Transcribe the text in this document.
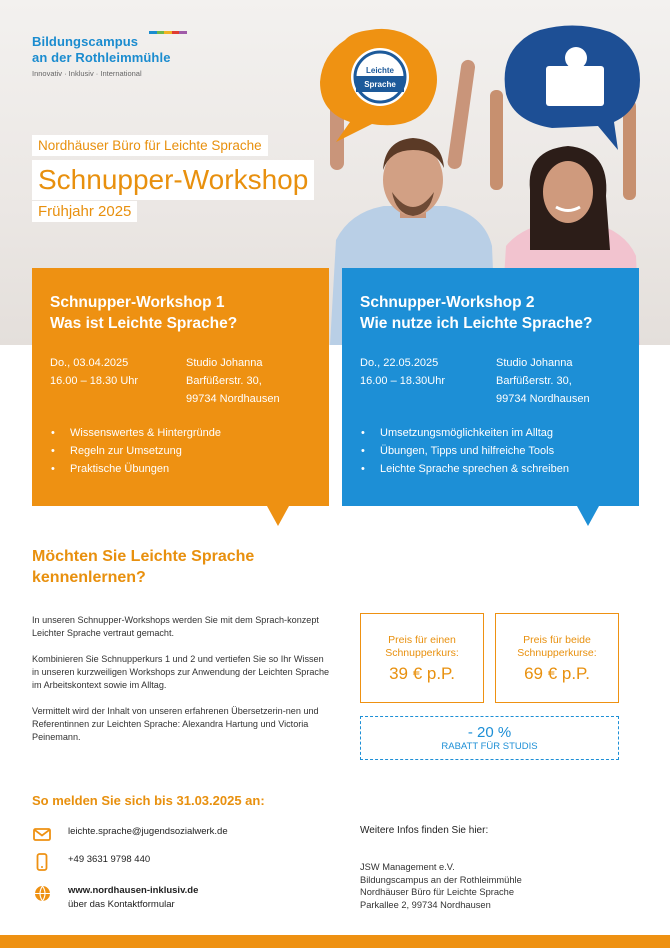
Leichte
Sprache
Bildungscampus
an der Rothleimmühle
Innovativ · Inklusiv · International
Nordhäuser Büro für Leichte Sprache
Schnupper-Workshop
Frühjahr 2025
Schnupper-Workshop 1
Was ist Leichte Sprache?
Do., 03.04.2025
16.00 – 18.30 Uhr
Studio Johanna
Barfüßerstr. 30,
99734 Nordhausen
• Wissenswertes & Hintergründe
• Regeln zur Umsetzung
• Praktische Übungen
Schnupper-Workshop 2
Wie nutze ich Leichte Sprache?
Do., 22.05.2025
16.00 – 18.30Uhr
Studio Johanna
Barfüßerstr. 30,
99734 Nordhausen
• Umsetzungsmöglichkeiten im Alltag
• Übungen, Tipps und hilfreiche Tools
• Leichte Sprache sprechen & schreiben
Möchten Sie Leichte Sprache
kennenlernen?

In unseren Schnupper-Workshops werden Sie mit dem Sprach-konzept Leichter Sprache vertraut gemacht.

Kombinieren Sie Schnupperkurs 1 und 2 und vertiefen Sie so Ihr Wissen in unseren kurzweiligen Workshops zur Anwendung der Leichten Sprache im Arbeitskontext sowie im Alltag.

Vermittelt wird der Inhalt von unseren erfahrenen Übersetzerin-nen und Referentinnen zur Leichten Sprache: Alexandra Hartung und Victoria Peinemann.

Preis für einen
Schnupperkurs:
39 € p.P.
Preis für beide
Schnupperkurse:
69 € p.P.
- 20 %
RABATT FÜR STUDIS
So melden Sie sich bis 31.03.2025 an:
leichte.sprache@jugendsozialwerk.de
+49 3631 9798 440
www.nordhausen-inklusiv.de
über das Kontaktformular
Weitere Infos finden Sie hier:
JSW Management e.V.
Bildungscampus an der Rothleimmühle
Nordhäuser Büro für Leichte Sprache
Parkallee 2, 99734 Nordhausen
